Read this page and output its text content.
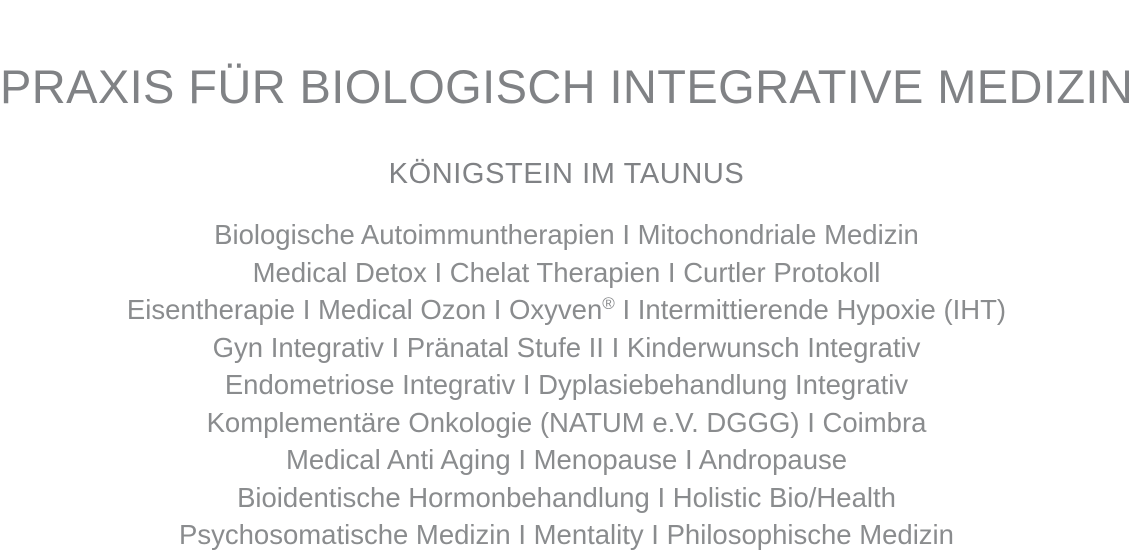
PRAXIS FÜR BIOLOGISCH INTEGRATIVE MEDIZIN
KÖNIGSTEIN IM TAUNUS
Biologische Autoimmuntherapien I Mitochondriale Medizin
Medical Detox I Chelat Therapien I Curtler Protokoll
Eisentherapie I Medical Ozon I Oxyven® I Intermittierende Hypoxie (IHT)
Gyn Integrativ I Pränatal Stufe II I Kinderwunsch Integrativ
Endometriose Integrativ I Dyplasiebehandlung Integrativ
Komplementäre Onkologie (NATUM e.V. DGGG) I Coimbra
Medical Anti Aging I Menopause I Andropause
Bioidentische Hormonbehandlung I Holistic Bio/Health
Psychosomatische Medizin I Mentality I Philosophische Medizin
